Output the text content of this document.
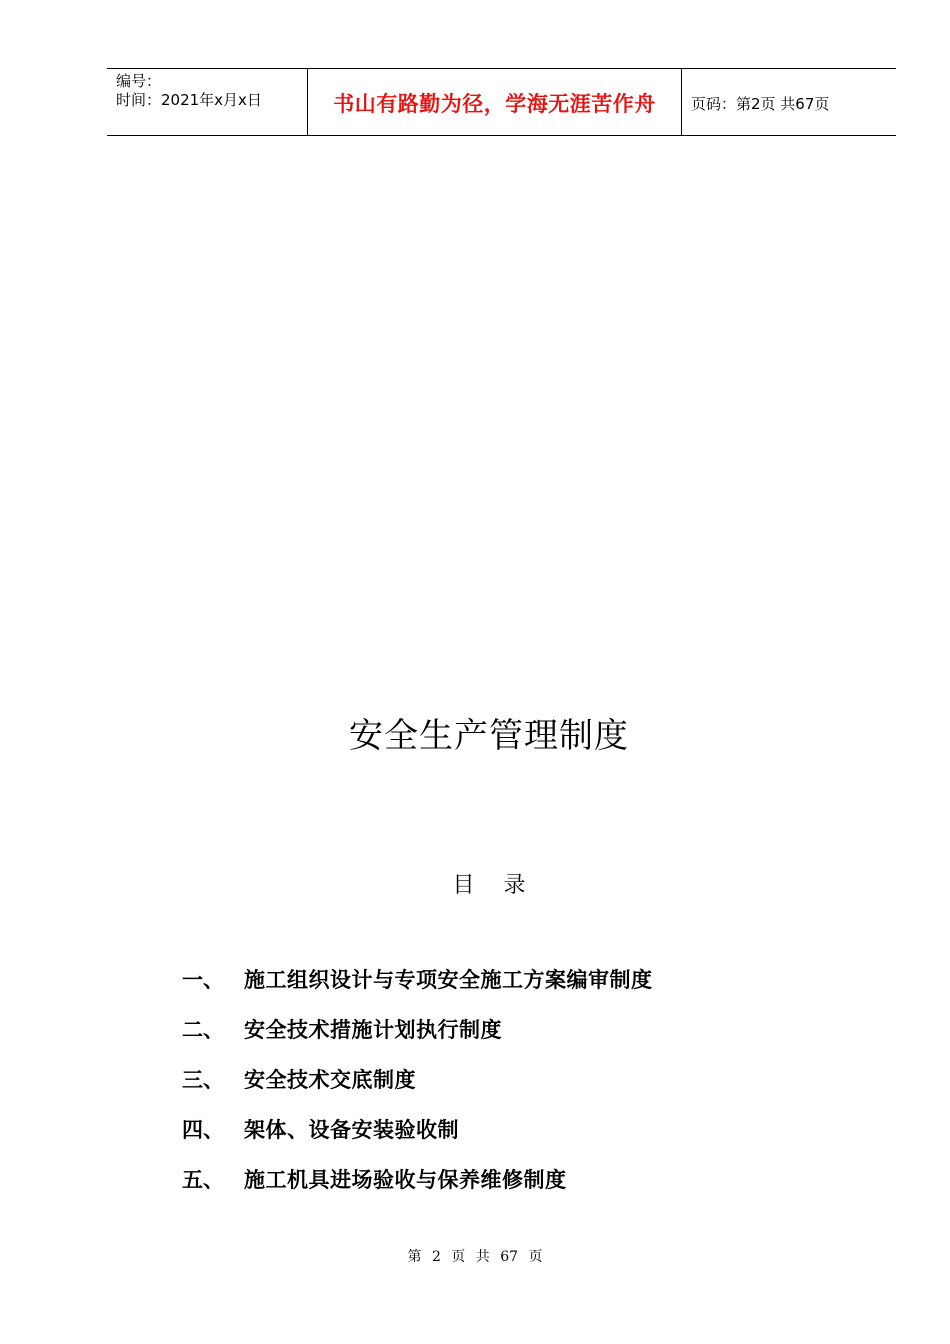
编号：
时间：2021年x月x日	书山有路勤为径，学海无涯苦作舟	页码：第2页 共67页
安全生产管理制度
目 录
一、 施工组织设计与专项安全施工方案编审制度
二、 安全技术措施计划执行制度
三、 安全技术交底制度
四、 架体、设备安装验收制
五、 施工机具进场验收与保养维修制度
第 2 页 共 67 页
